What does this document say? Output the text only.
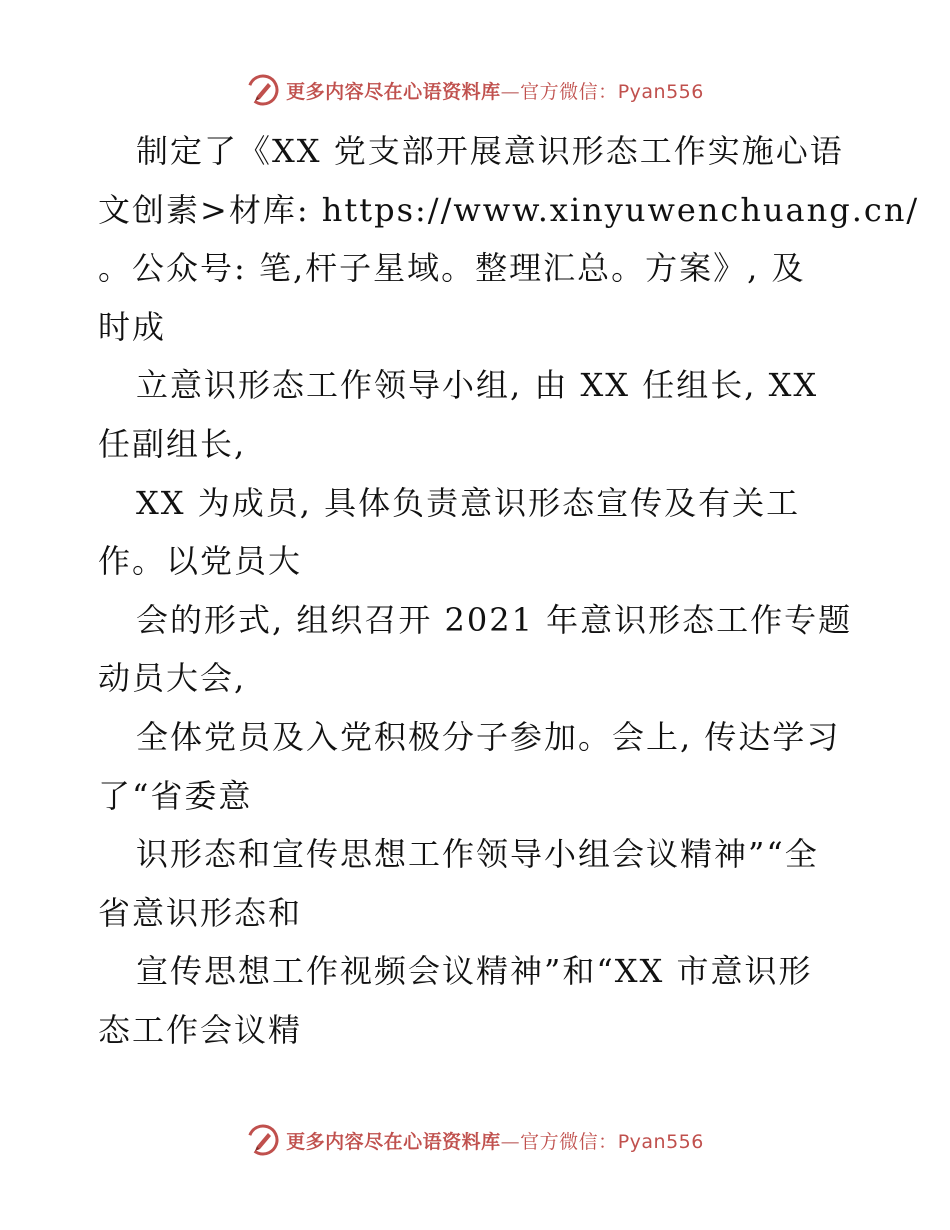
更多内容尽在心语资料库—官方微信：Pyan556
制定了《XX 党支部开展意识形态工作实施心语
文创素>材库: https://www.xinyuwenchuang.cn/
。公众号: 笔,杆子星域。整理汇总。方案》, 及
时成
立意识形态工作领导小组, 由 XX 任组长, XX
任副组长,
XX 为成员, 具体负责意识形态宣传及有关工
作。以党员大
会的形式, 组织召开 2021 年意识形态工作专题
动员大会,
全体党员及入党积极分子参加。会上, 传达学习
了“省委意
识形态和宣传思想工作领导小组会议精神”“全
省意识形态和
宣传思想工作视频会议精神”和“XX 市意识形
态工作会议精
更多内容尽在心语资料库—官方微信：Pyan556
